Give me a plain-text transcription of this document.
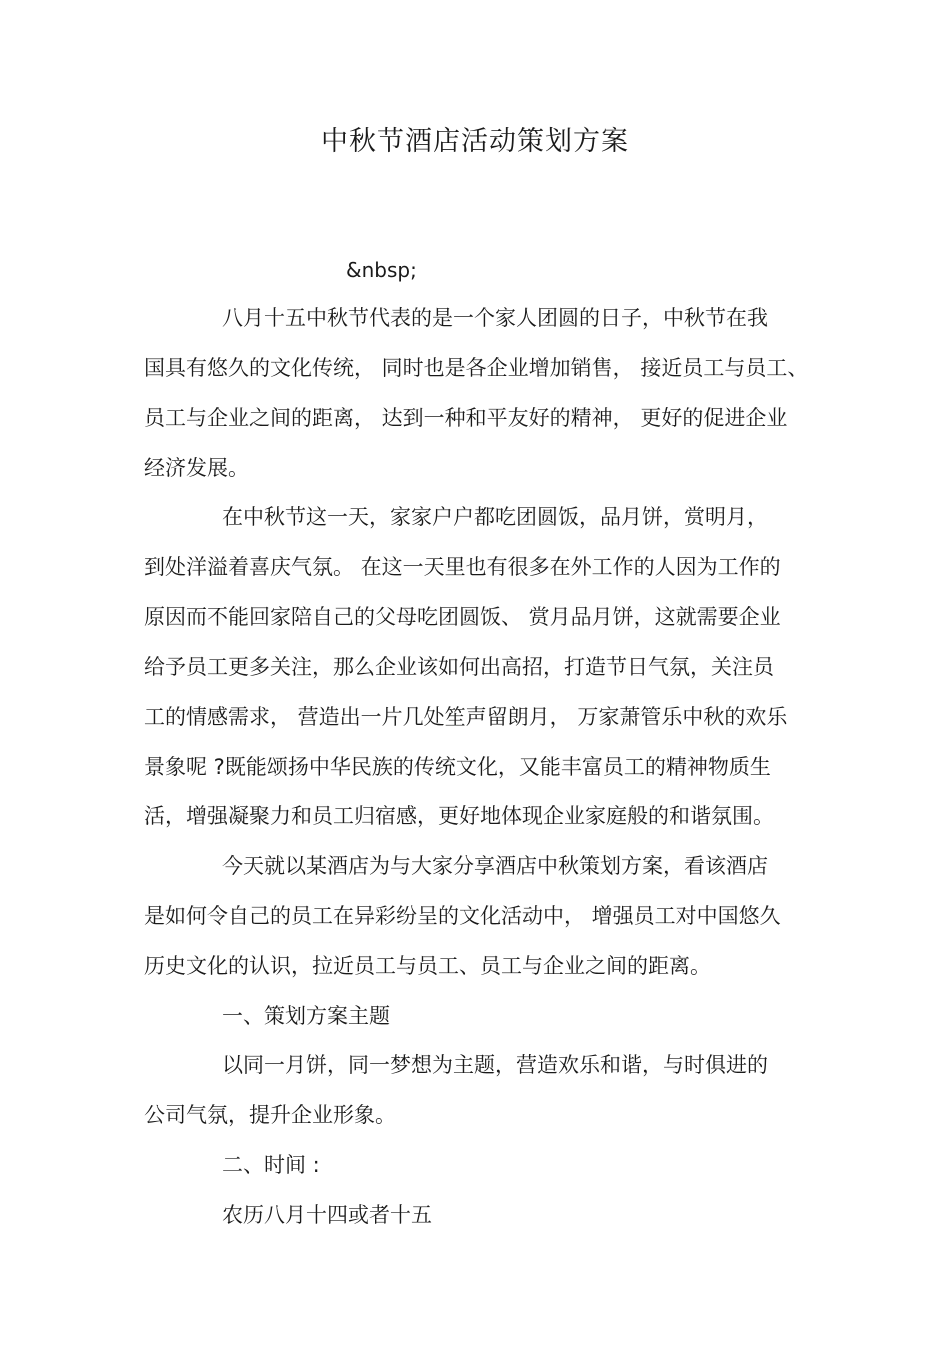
中秋节酒店活动策划方案
&nbsp;
八月十五中秋节代表的是一个家人团圆的日子，中秋节在我
国具有悠久的文化传统， 同时也是各企业增加销售， 接近员工与员工、
员工与企业之间的距离， 达到一种和平友好的精神， 更好的促进企业
经济发展。
在中秋节这一天，家家户户都吃团圆饭，品月饼，赏明月，
到处洋溢着喜庆气氛。 在这一天里也有很多在外工作的人因为工作的
原因而不能回家陪自己的父母吃团圆饭、 赏月品月饼，这就需要企业
给予员工更多关注，那么企业该如何出高招，打造节日气氛，关注员
工的情感需求， 营造出一片几处笙声留朗月， 万家萧管乐中秋的欢乐
景象呢 ?既能颂扬中华民族的传统文化，又能丰富员工的精神物质生
活，增强凝聚力和员工归宿感，更好地体现企业家庭般的和谐氛围。
今天就以某酒店为与大家分享酒店中秋策划方案，看该酒店
是如何令自己的员工在异彩纷呈的文化活动中， 增强员工对中国悠久
历史文化的认识，拉近员工与员工、员工与企业之间的距离。
一、策划方案主题
以同一月饼，同一梦想为主题，营造欢乐和谐，与时俱进的
公司气氛，提升企业形象。
二、时间 :
农历八月十四或者十五
